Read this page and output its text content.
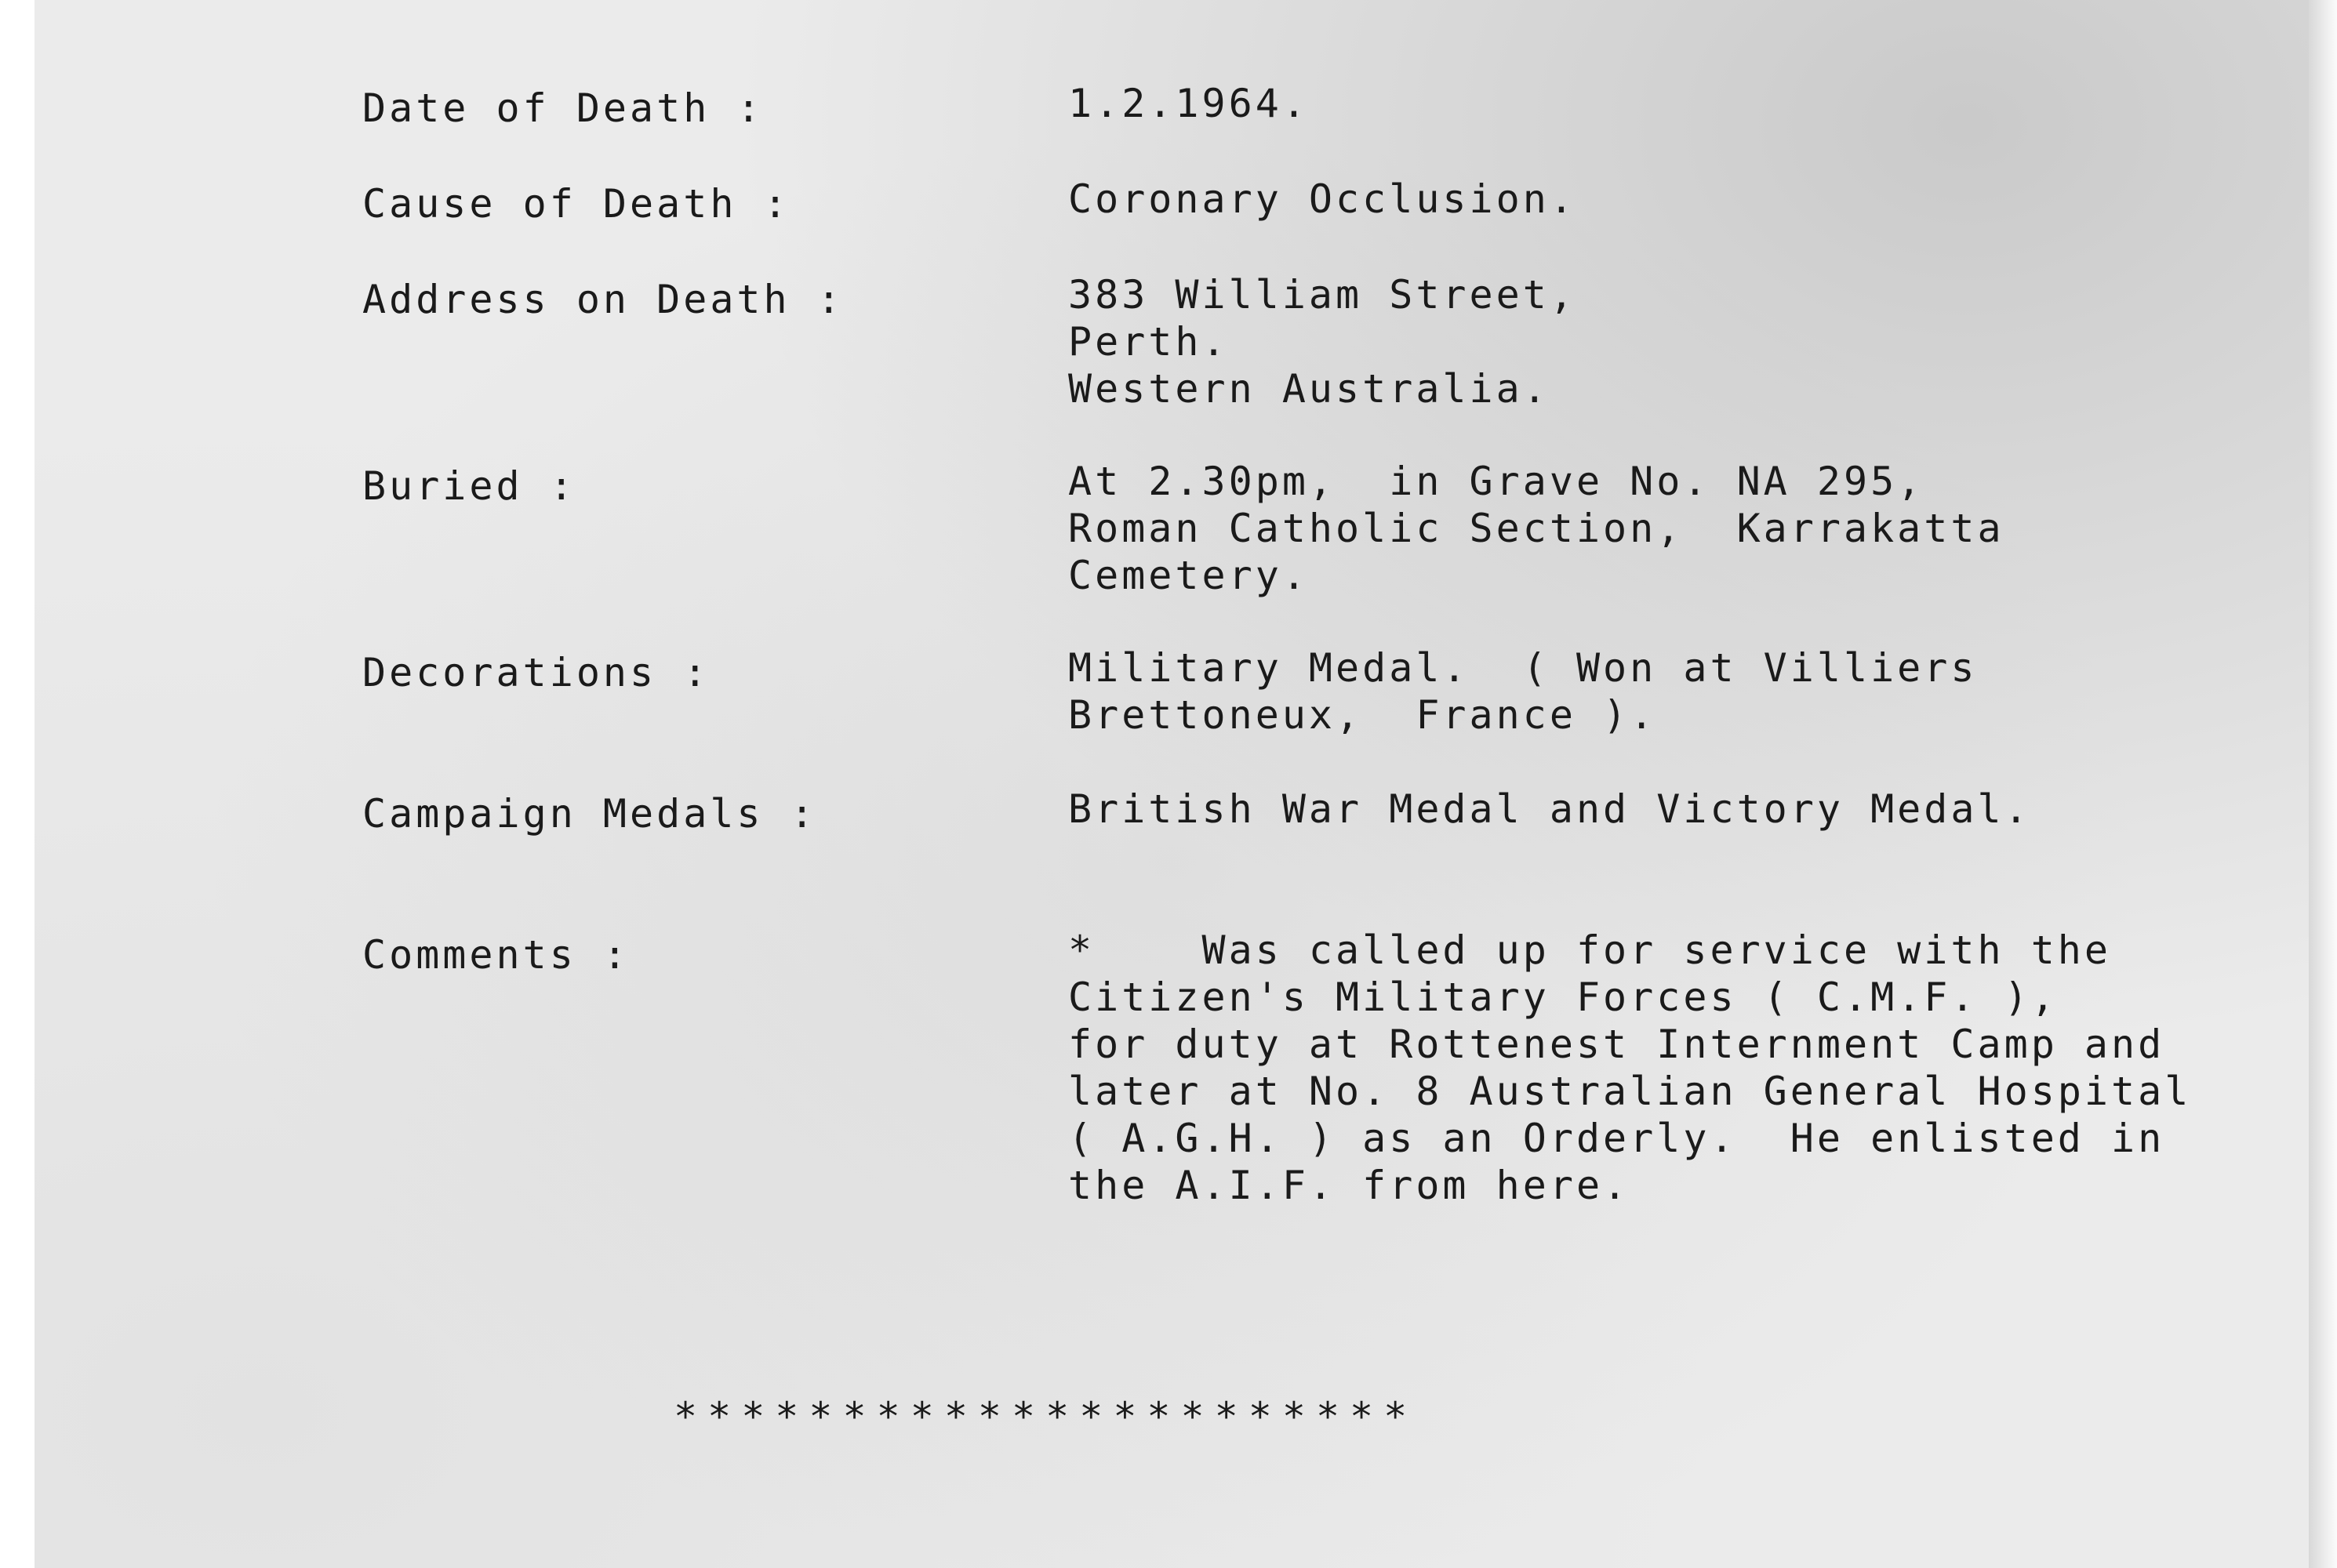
Date of Death :	1.2.1964.
Cause of Death :	Coronary Occlusion.
Address on Death :	383 William Street,
Perth.
Western Australia.
Buried :	At 2.30pm,  in Grave No. NA 295,
Roman Catholic Section,  Karrakatta
Cemetery.
Decorations :	Military Medal.  ( Won at Villiers
Brettoneux,  France ).
Campaign Medals :	British War Medal and Victory Medal.
Comments :	*    Was called up for service with the
Citizen's Military Forces ( C.M.F. ),
for duty at Rottenest Internment Camp and
later at No. 8 Australian General Hospital
( A.G.H. ) as an Orderly.  He enlisted in
the A.I.F. from here.
**********************
